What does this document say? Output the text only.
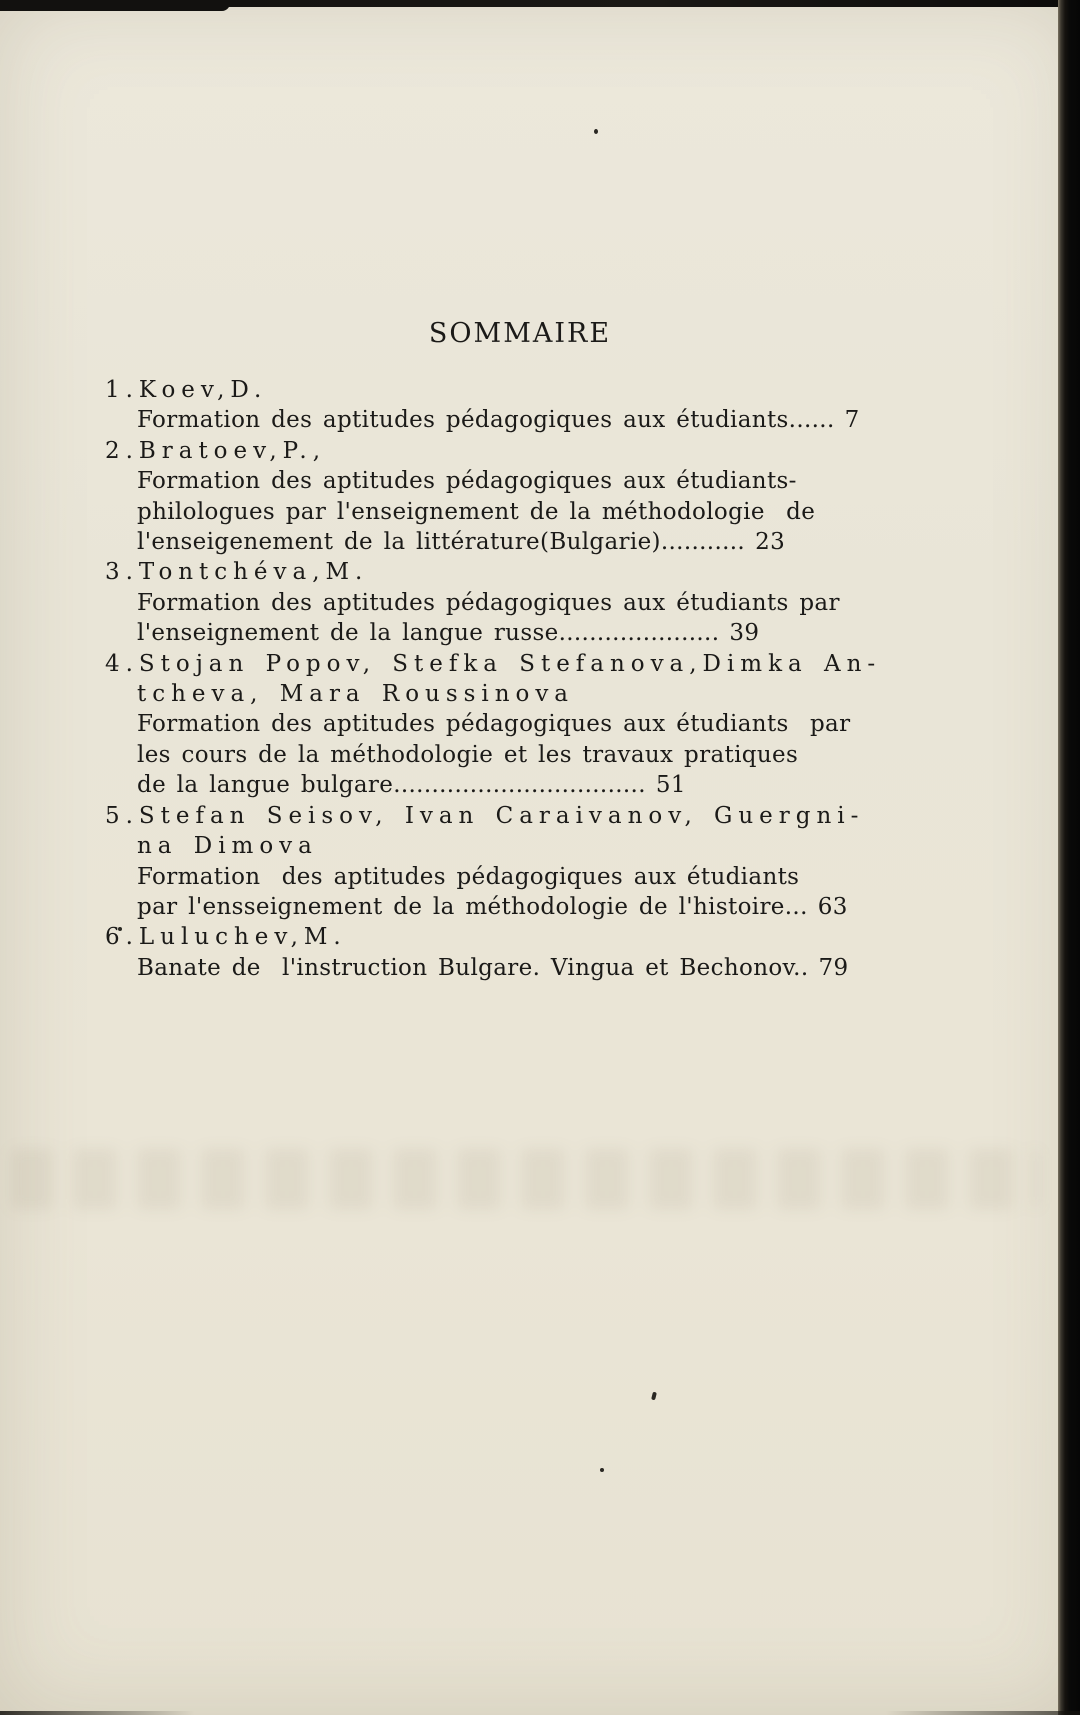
SOMMAIRE
1.Koev,D.
Formation des aptitudes pédagogiques aux étudiants...... 7
2.Bratoev,P.,
Formation des aptitudes pédagogiques aux étudiants-
philologues par l'enseignement de la méthodologie  de
l'enseigenement de la littérature(Bulgarie)........... 23
3.Tontchéva,M.
Formation des aptitudes pédagogiques aux étudiants par
l'enseignement de la langue russe..................... 39
4.Stojan Popov, Stefka Stefanova,Dimka An-
tcheva, Mara Roussinova
Formation des aptitudes pédagogiques aux étudiants  par
les cours de la méthodologie et les travaux pratiques
de la langue bulgare................................. 51
5.Stefan Seisov, Ivan Caraivanov, Guergni-
na Dimova
Formation  des aptitudes pédagogiques aux étudiants
par l'ensseignement de la méthodologie de l'histoire... 63
6.Luluchev,M.
Banate de  l'instruction Bulgare. Vingua et Bechonov.. 79
